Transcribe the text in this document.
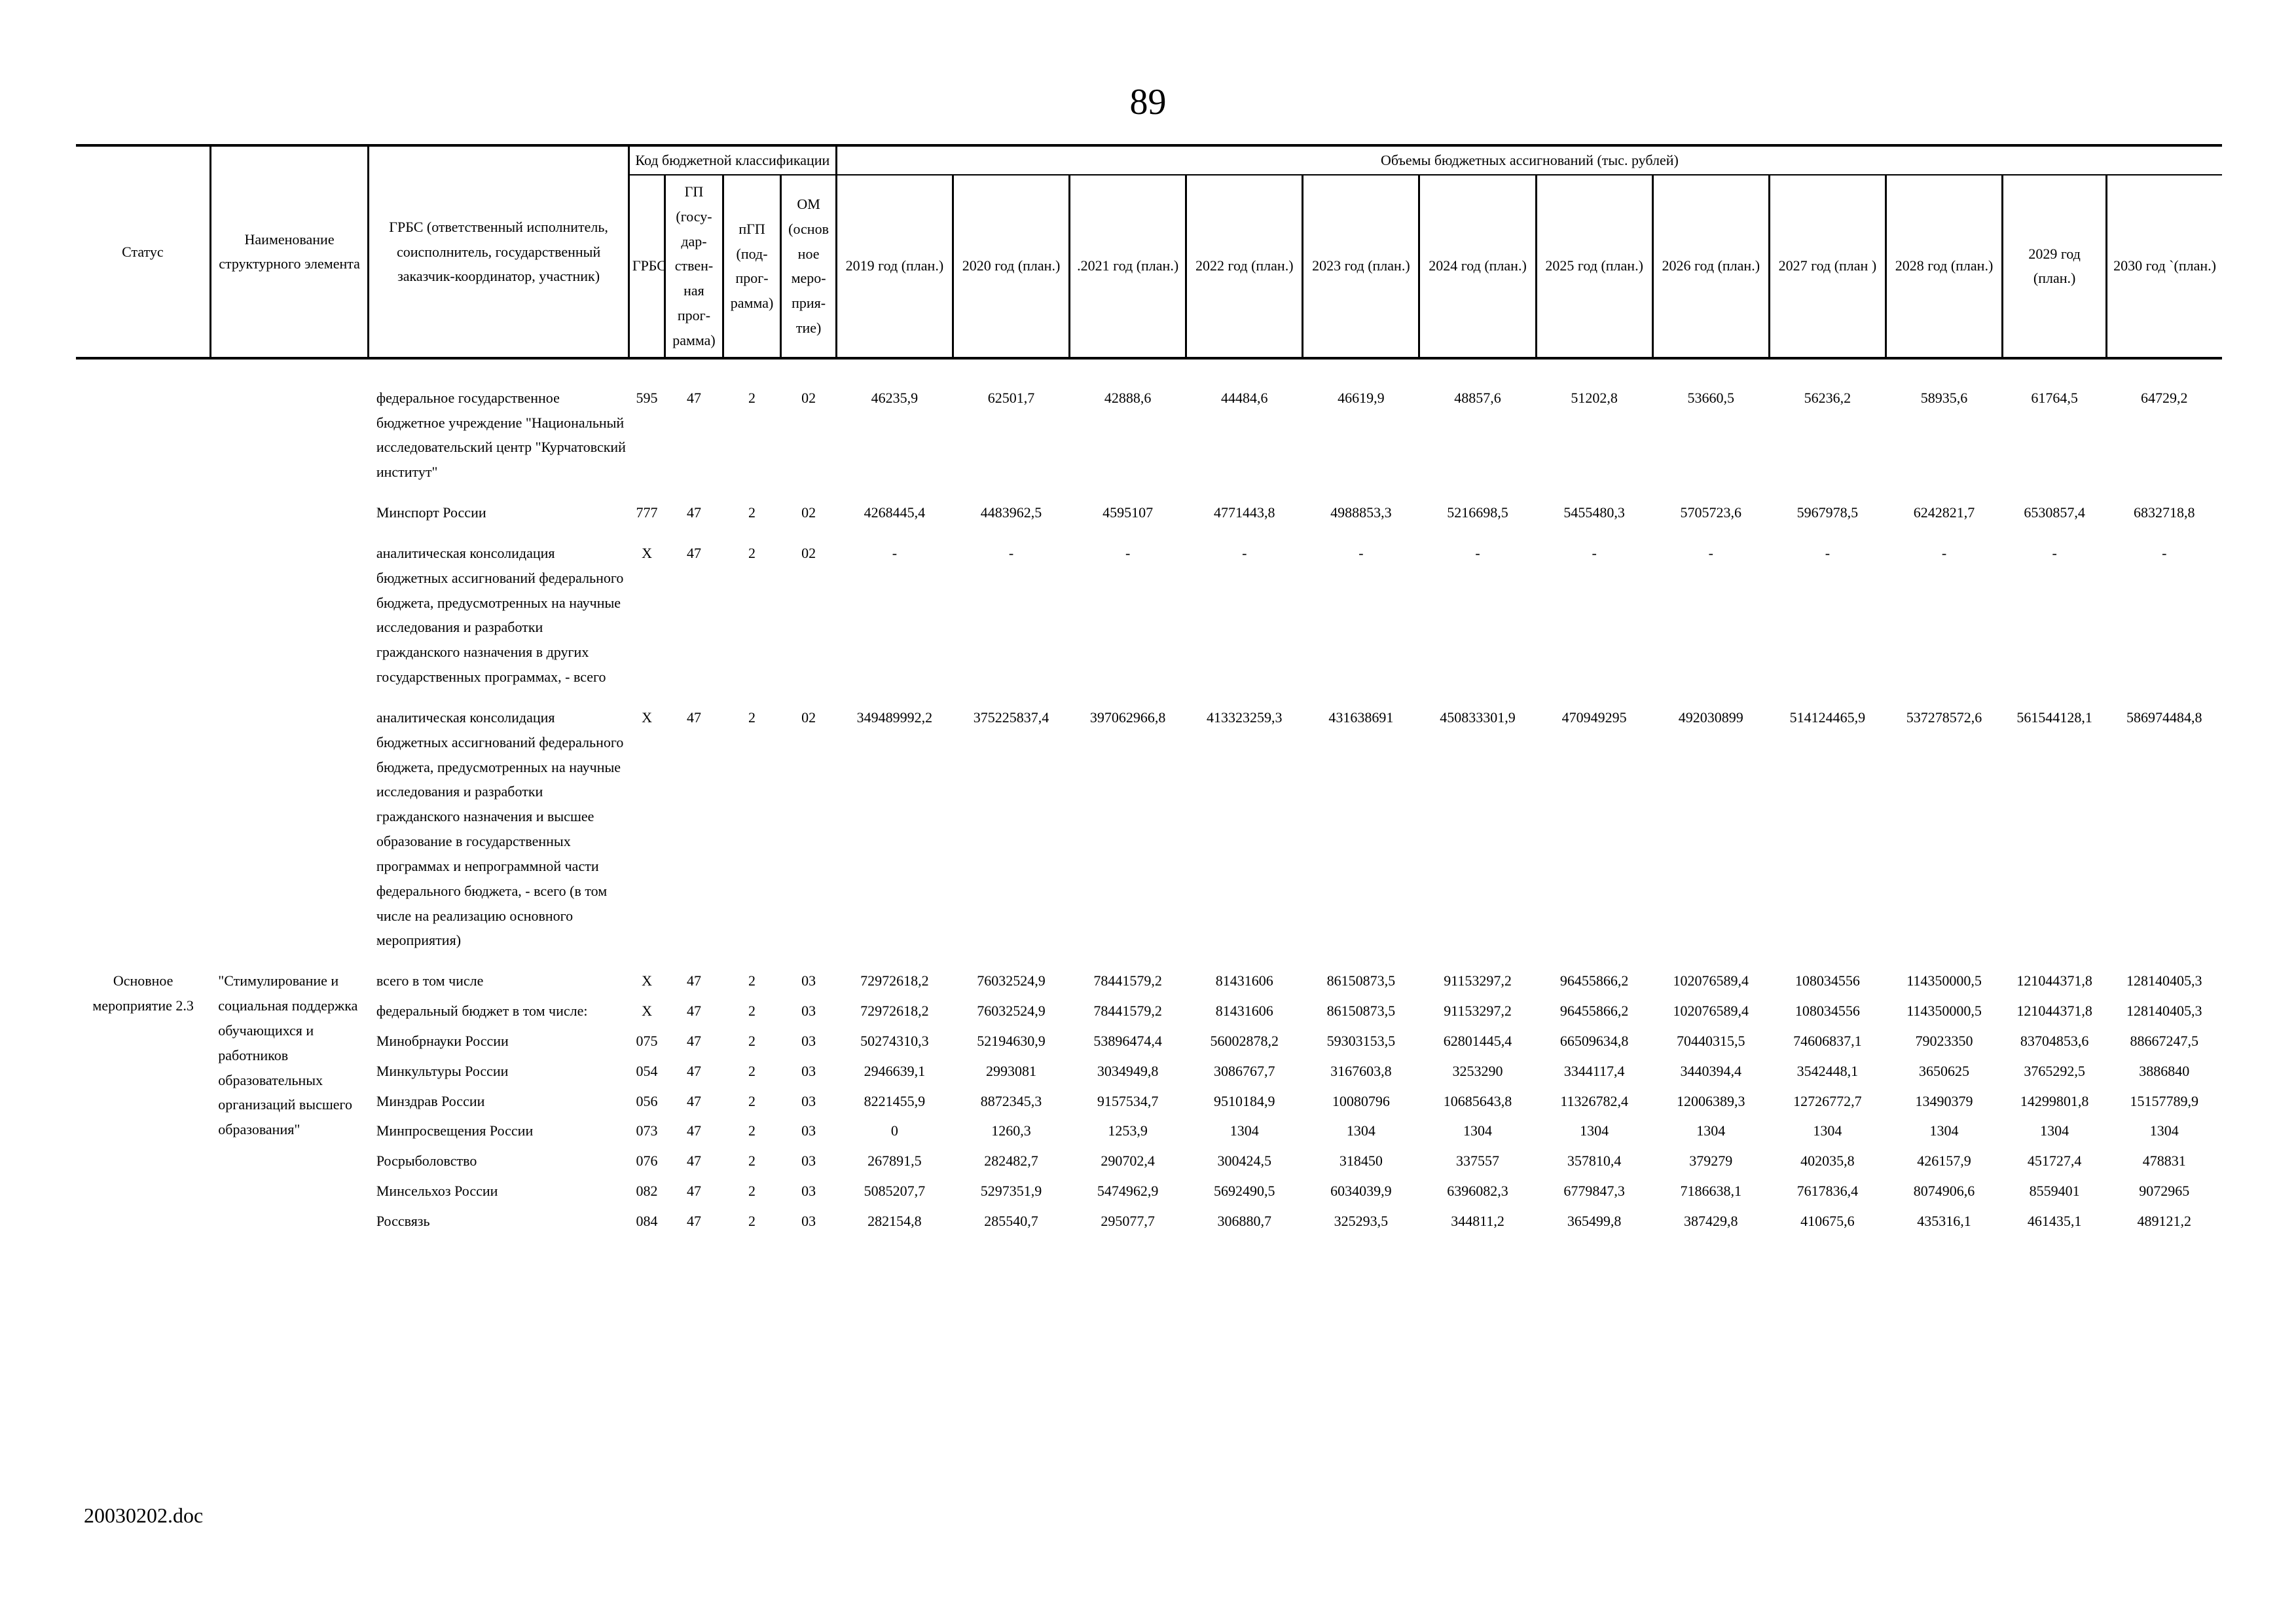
89
Статус	Наименование структурного элемента	ГРБС (ответственный исполнитель, соисполнитель, государственный заказчик-координатор, участник)	Код бюджетной классификации				Объемы бюджетных ассигнований (тыс. рублей)											
			ГРБС	ГП (госу-дар-ствен-ная прог-рамма)	пГП (под-прог-рамма)	ОМ (основ ное меро-прия-тие)	2019 год (план.)	2020 год (план.)	.2021 год (план.)	2022 год (план.)	2023 год (план.)	2024 год (план.)	2025 год (план.)	2026 год (план.)	2027 год (план )	2028 год (план.)	2029 год (план.)	2030 год `(план.)
		федеральное государственное бюджетное учреждение "Национальный исследовательский центр "Курчатовский институт"	595	47	2	02	46235,9	62501,7	42888,6	44484,6	46619,9	48857,6	51202,8	53660,5	56236,2	58935,6	61764,5	64729,2
		Минспорт России	777	47	2	02	4268445,4	4483962,5	4595107	4771443,8	4988853,3	5216698,5	5455480,3	5705723,6	5967978,5	6242821,7	6530857,4	6832718,8
		аналитическая консолидация бюджетных ассигнований федерального бюджета, предусмотренных на научные исследования и разработки гражданского назначения в других государственных программах, - всего	X	47	2	02	-	-	-	-	-	-	-	-	-	-	-	-
		аналитическая консолидация бюджетных ассигнований федерального бюджета, предусмотренных на научные исследования и разработки гражданского назначения и высшее образование в государственных программах и непрограммной части федерального бюджета, - всего (в том числе на реализацию основного мероприятия)	X	47	2	02	349489992,2	375225837,4	397062966,8	413323259,3	431638691	450833301,9	470949295	492030899	514124465,9	537278572,6	561544128,1	586974484,8
Основное мероприятие 2.3	"Стимулирование и социальная поддержка обучающихся и работников образовательных организаций высшего образования"	всего в том числе	X	47	2	03	72972618,2	76032524,9	78441579,2	81431606	86150873,5	91153297,2	96455866,2	102076589,4	108034556	114350000,5	121044371,8	128140405,3
		федеральный бюджет в том числе:	X	47	2	03	72972618,2	76032524,9	78441579,2	81431606	86150873,5	91153297,2	96455866,2	102076589,4	108034556	114350000,5	121044371,8	128140405,3
		Минобрнауки России	075	47	2	03	50274310,3	52194630,9	53896474,4	56002878,2	59303153,5	62801445,4	66509634,8	70440315,5	74606837,1	79023350	83704853,6	88667247,5
		Минкультуры России	054	47	2	03	2946639,1	2993081	3034949,8	3086767,7	3167603,8	3253290	3344117,4	3440394,4	3542448,1	3650625	3765292,5	3886840
		Минздрав России	056	47	2	03	8221455,9	8872345,3	9157534,7	9510184,9	10080796	10685643,8	11326782,4	12006389,3	12726772,7	13490379	14299801,8	15157789,9
		Минпросвещения России	073	47	2	03	0	1260,3	1253,9	1304	1304	1304	1304	1304	1304	1304	1304	1304
		Росрыболовство	076	47	2	03	267891,5	282482,7	290702,4	300424,5	318450	337557	357810,4	379279	402035,8	426157,9	451727,4	478831
		Минсельхоз России	082	47	2	03	5085207,7	5297351,9	5474962,9	5692490,5	6034039,9	6396082,3	6779847,3	7186638,1	7617836,4	8074906,6	8559401	9072965
		Россвязь	084	47	2	03	282154,8	285540,7	295077,7	306880,7	325293,5	344811,2	365499,8	387429,8	410675,6	435316,1	461435,1	489121,2
20030202.doc
